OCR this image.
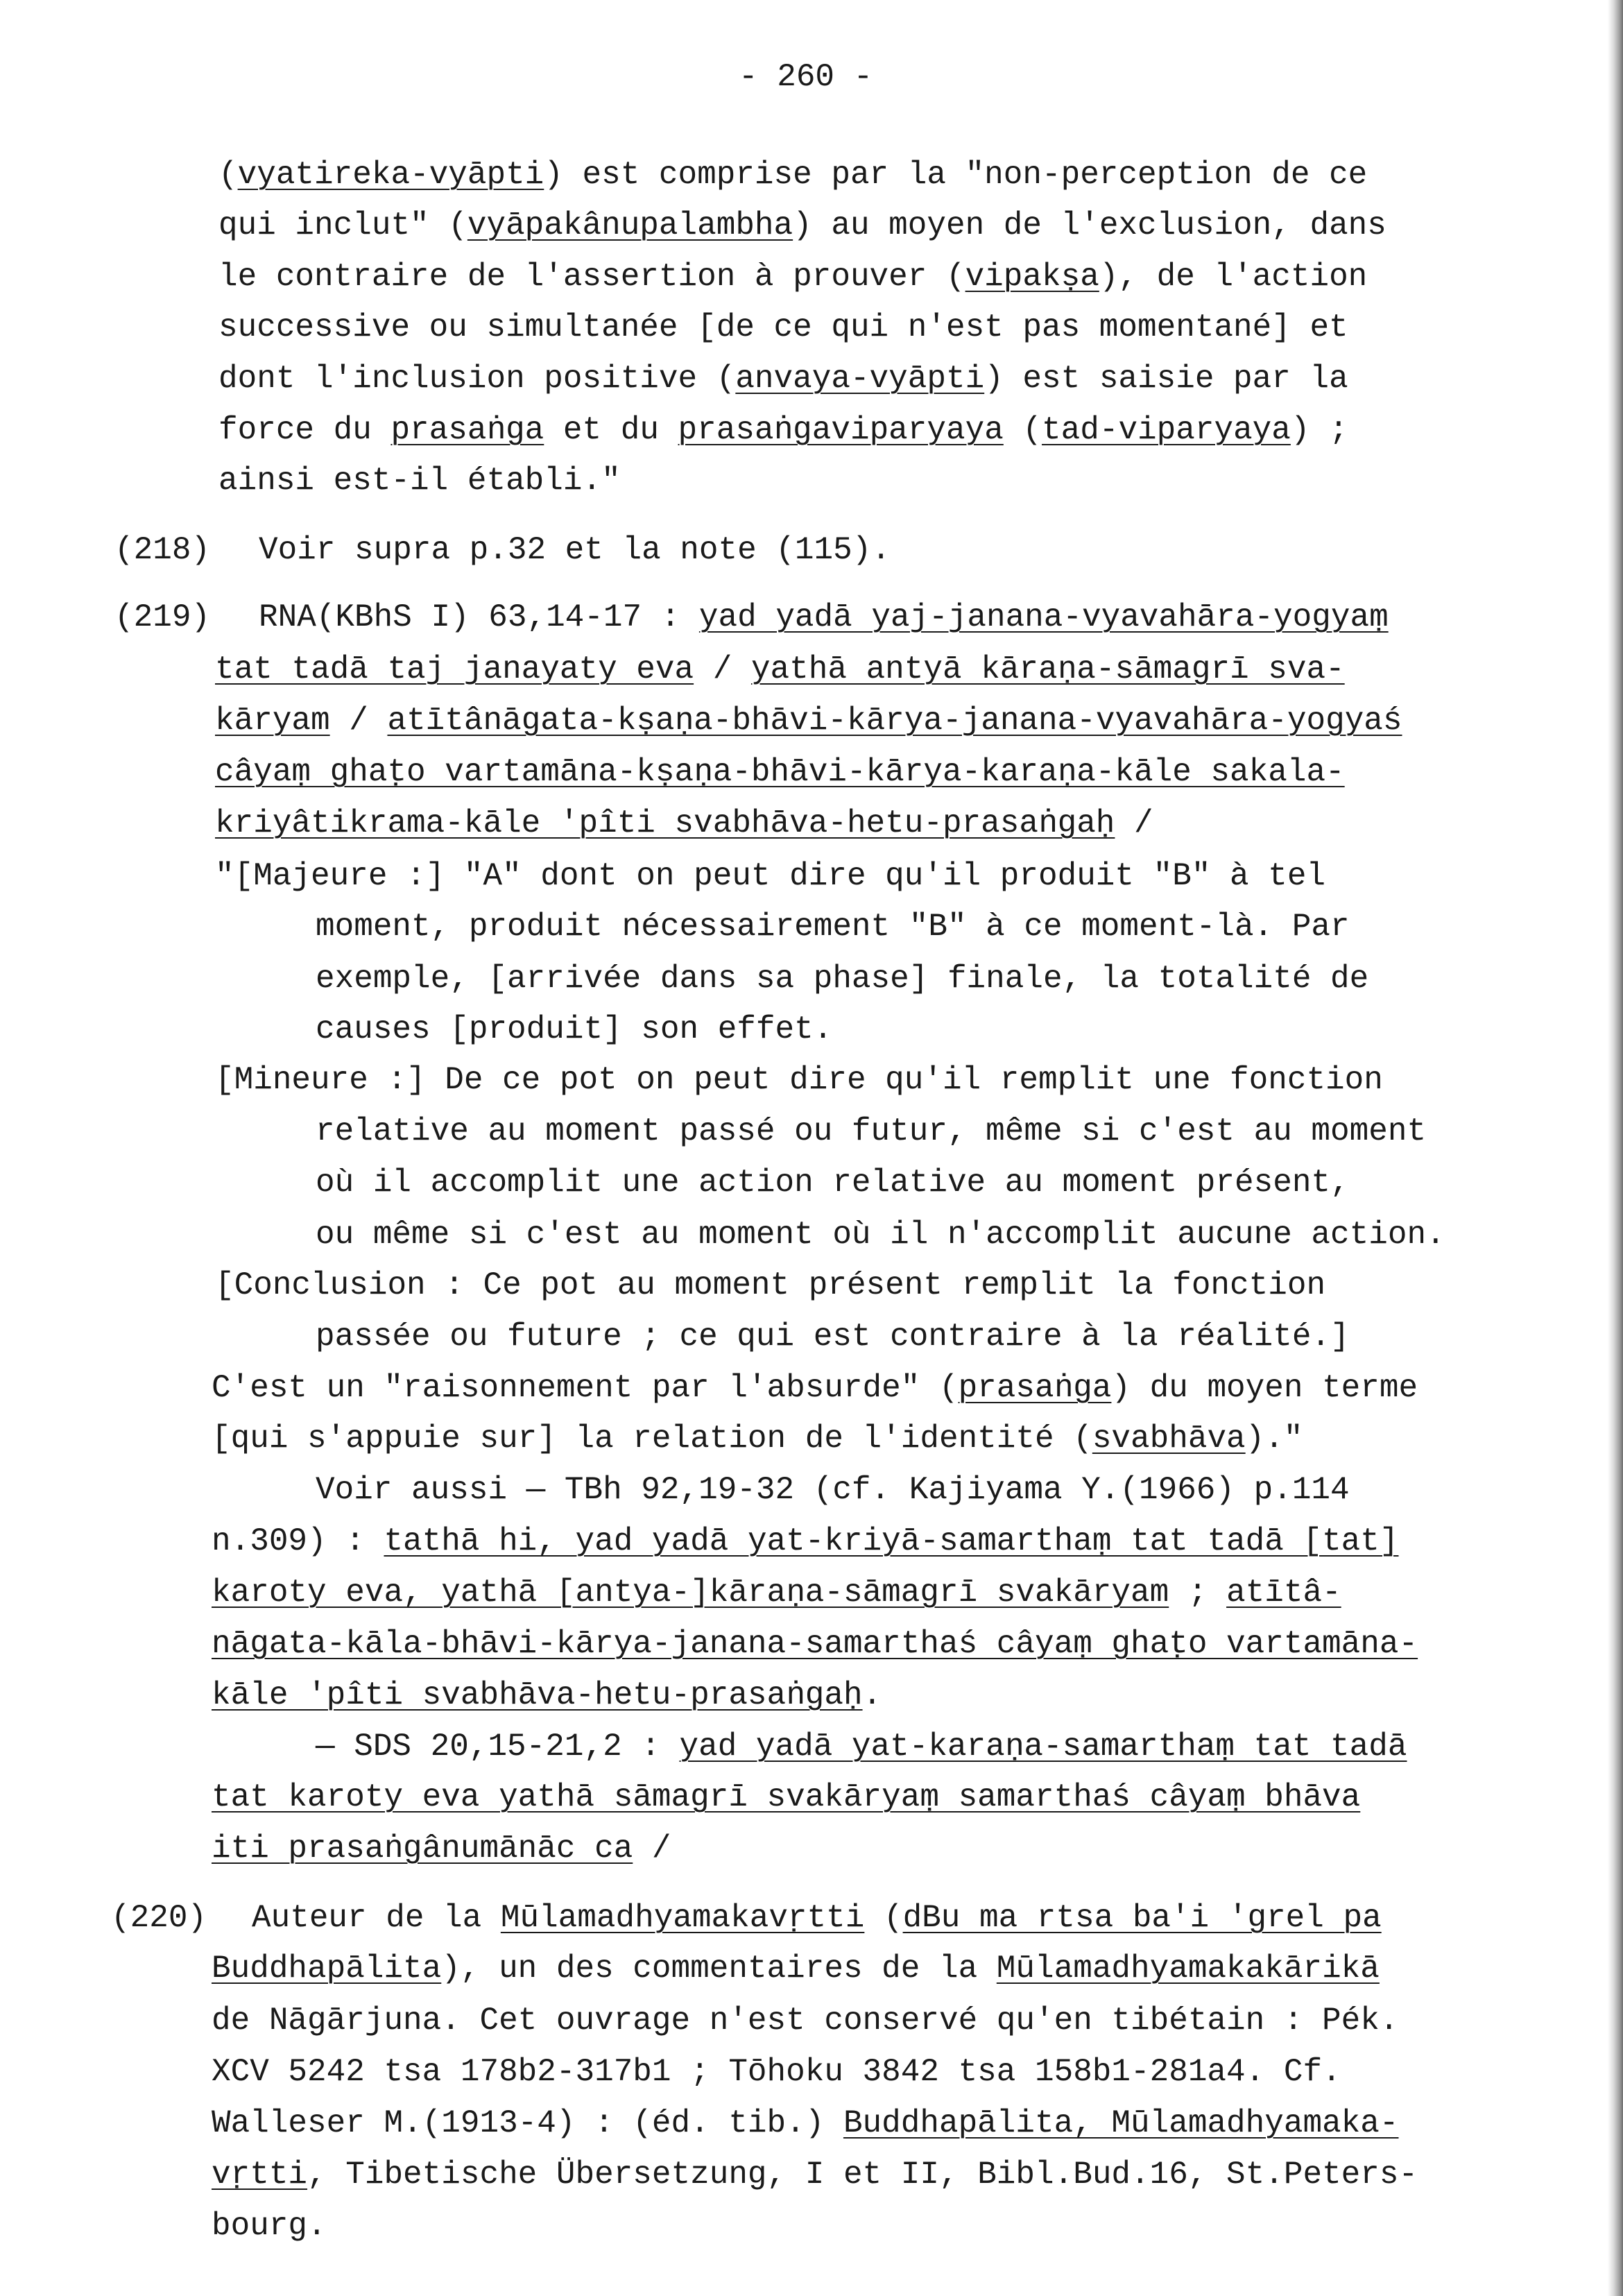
- 260 -
(vyatireka-vyāpti) est comprise par la "non-perception de ce
qui inclut" (vyāpakânupalambha) au moyen de l'exclusion, dans
le contraire de l'assertion à prouver (vipakṣa), de l'action
successive ou simultanée [de ce qui n'est pas momentané] et
dont l'inclusion positive (anvaya-vyāpti) est saisie par la
force du prasaṅga et du prasaṅgaviparyaya (tad-viparyaya) ;
ainsi est-il établi."
(218) Voir supra p.32 et la note (115).
(219) RNA(KBhS I) 63,14-17 : yad yadā yaj-janana-vyavahāra-yogyaṃ
tat tadā taj janayaty eva / yathā antyā kāraṇa-sāmagrī sva-
kāryam / atītânāgata-kṣaṇa-bhāvi-kārya-janana-vyavahāra-yogyaś
câyaṃ ghaṭo vartamāna-kṣaṇa-bhāvi-kārya-karaṇa-kāle sakala-
kriyâtikrama-kāle 'pîti svabhāva-hetu-prasaṅgaḥ /
"[Majeure :] "A" dont on peut dire qu'il produit "B" à tel
moment, produit nécessairement "B" à ce moment-là. Par
exemple, [arrivée dans sa phase] finale, la totalité de
causes [produit] son effet.
[Mineure :] De ce pot on peut dire qu'il remplit une fonction
relative au moment passé ou futur, même si c'est au moment
où il accomplit une action relative au moment présent,
ou même si c'est au moment où il n'accomplit aucune action.
[Conclusion : Ce pot au moment présent remplit la fonction
passée ou future ; ce qui est contraire à la réalité.]
C'est un "raisonnement par l'absurde" (prasaṅga) du moyen terme
[qui s'appuie sur] la relation de l'identité (svabhāva)."
Voir aussi — TBh 92,19-32 (cf. Kajiyama Y.(1966) p.114
n.309) : tathā hi, yad yadā yat-kriyā-samarthaṃ tat tadā [tat]
karoty eva, yathā [antya-]kāraṇa-sāmagrī svakāryam ; atītâ-
nāgata-kāla-bhāvi-kārya-janana-samarthaś câyaṃ ghaṭo vartamāna-
kāle 'pîti svabhāva-hetu-prasaṅgaḥ.
— SDS 20,15-21,2 : yad yadā yat-karaṇa-samarthaṃ tat tadā
tat karoty eva yathā sāmagrī svakāryaṃ samarthaś câyaṃ bhāva
iti prasaṅgânumānāc ca /
(220) Auteur de la Mūlamadhyamakavṛtti (dBu ma rtsa ba'i 'grel pa
Buddhapālita), un des commentaires de la Mūlamadhyamakakārikā
de Nāgārjuna. Cet ouvrage n'est conservé qu'en tibétain : Pék.
XCV 5242 tsa 178b2-317b1 ; Tōhoku 3842 tsa 158b1-281a4. Cf.
Walleser M.(1913-4) : (éd. tib.) Buddhapālita, Mūlamadhyamaka-
vṛtti, Tibetische Übersetzung, I et II, Bibl.Bud.16, St.Peters-
bourg.
